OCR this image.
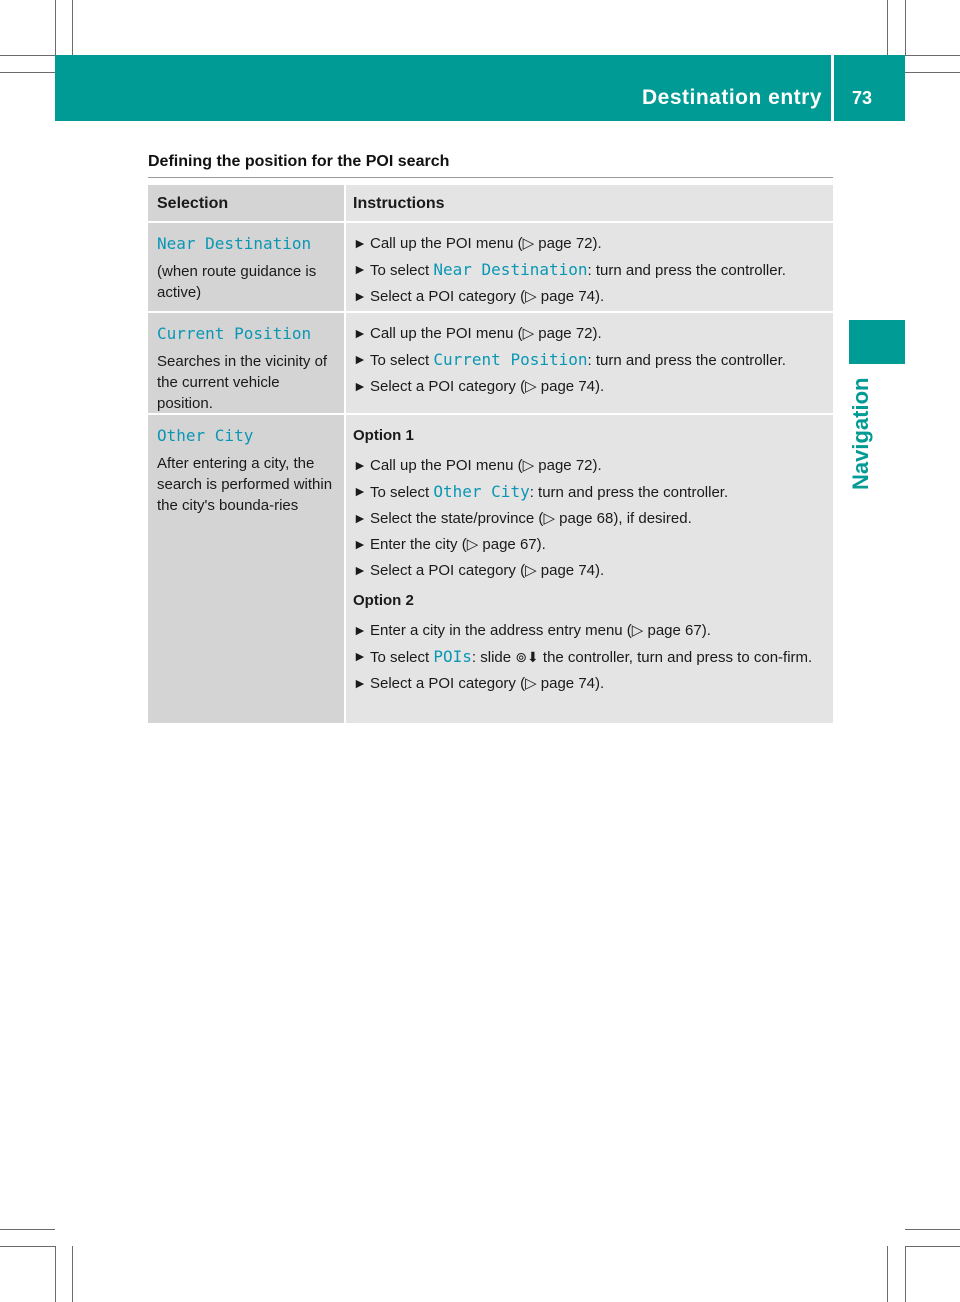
Destination entry 73
Navigation
Defining the position for the POI search
Selection	Instructions
Near Destination
(when route guidance is active)
► Call up the POI menu (▷ page 72).
► To select Near Destination: turn and press the controller.
► Select a POI category (▷ page 74).
Current Position
Searches in the vicinity of the current vehicle position.
► Call up the POI menu (▷ page 72).
► To select Current Position: turn and press the controller.
► Select a POI category (▷ page 74).
Other City
After entering a city, the search is performed within the city's bounda-ries
Option 1
► Call up the POI menu (▷ page 72).
► To select Other City: turn and press the controller.
► Select the state/province (▷ page 68), if desired.
► Enter the city (▷ page 67).
► Select a POI category (▷ page 74).
Option 2
► Enter a city in the address entry menu (▷ page 67).
► To select POIs: slide ⊚⬇ the controller, turn and press to con-firm.
► Select a POI category (▷ page 74).
